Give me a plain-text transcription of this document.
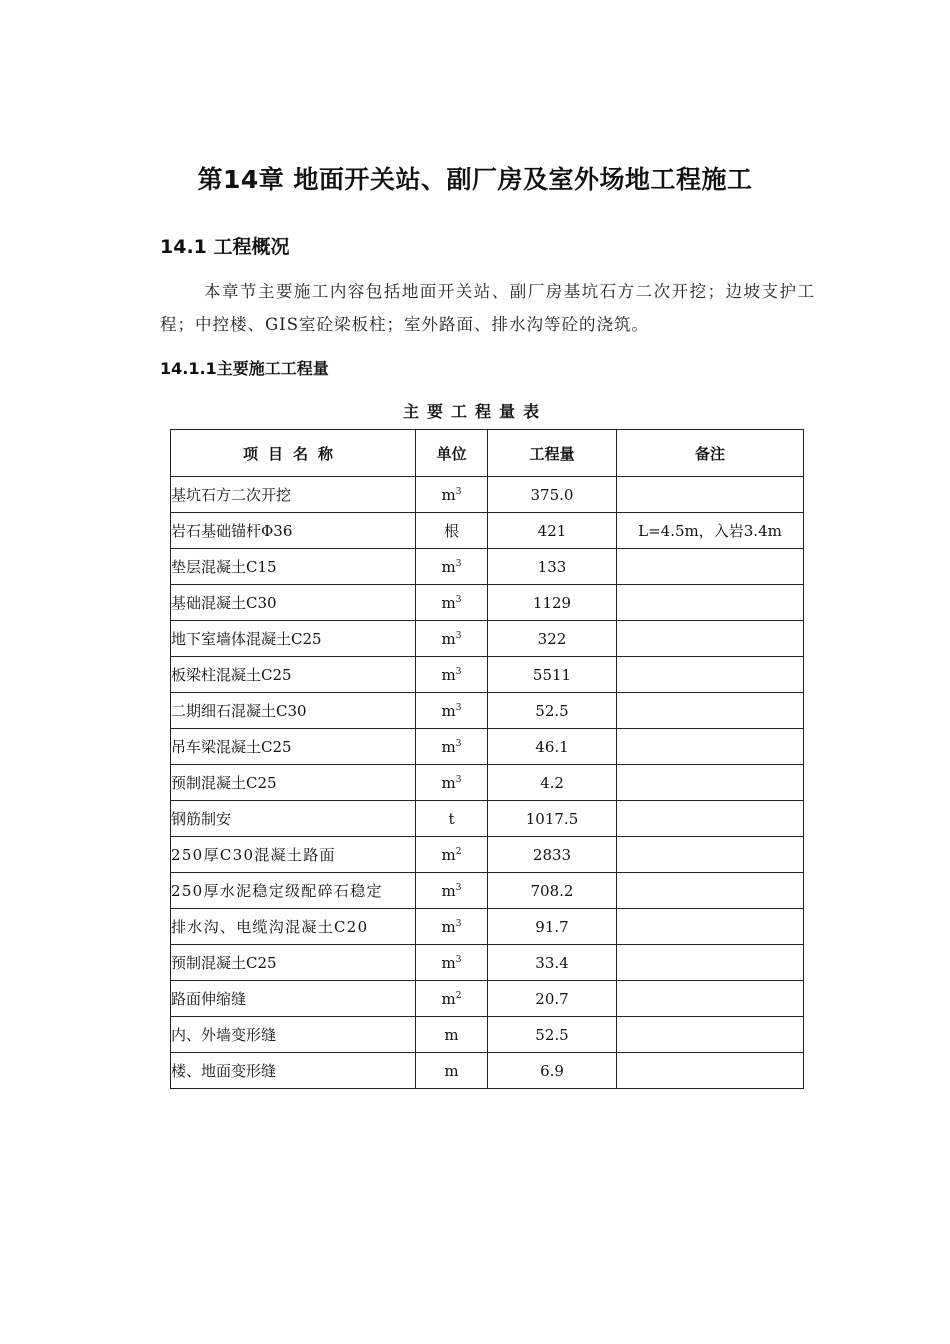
第14章 地面开关站、副厂房及室外场地工程施工
14.1 工程概况
本章节主要施工内容包括地面开关站、副厂房基坑石方二次开挖；边坡支护工程；中控楼、GIS室砼梁板柱；室外路面、排水沟等砼的浇筑。
14.1.1主要施工工程量
主要工程量表
项目名称	单位	工程量	备注
基坑石方二次开挖	$m^3$	375.0	
岩石基础锚杆Φ36	根	421	L=4.5m，入岩3.4m
垫层混凝土C15	$m^3$	133	
基础混凝土C30	$m^3$	1129	
地下室墙体混凝土C25	$m^3$	322	
板梁柱混凝土C25	$m^3$	5511	
二期细石混凝土C30	$m^3$	52.5	
吊车梁混凝土C25	$m^3$	46.1	
预制混凝土C25	$m^3$	4.2	
钢筋制安	t	1017.5	
250厚C30混凝土路面	$m^2$	2833	
250厚水泥稳定级配碎石稳定	$m^3$	708.2	
排水沟、电缆沟混凝土C20	$m^3$	91.7	
预制混凝土C25	$m^3$	33.4	
路面伸缩缝	$m^2$	20.7	
内、外墙变形缝	m	52.5	
楼、地面变形缝	m	6.9	
